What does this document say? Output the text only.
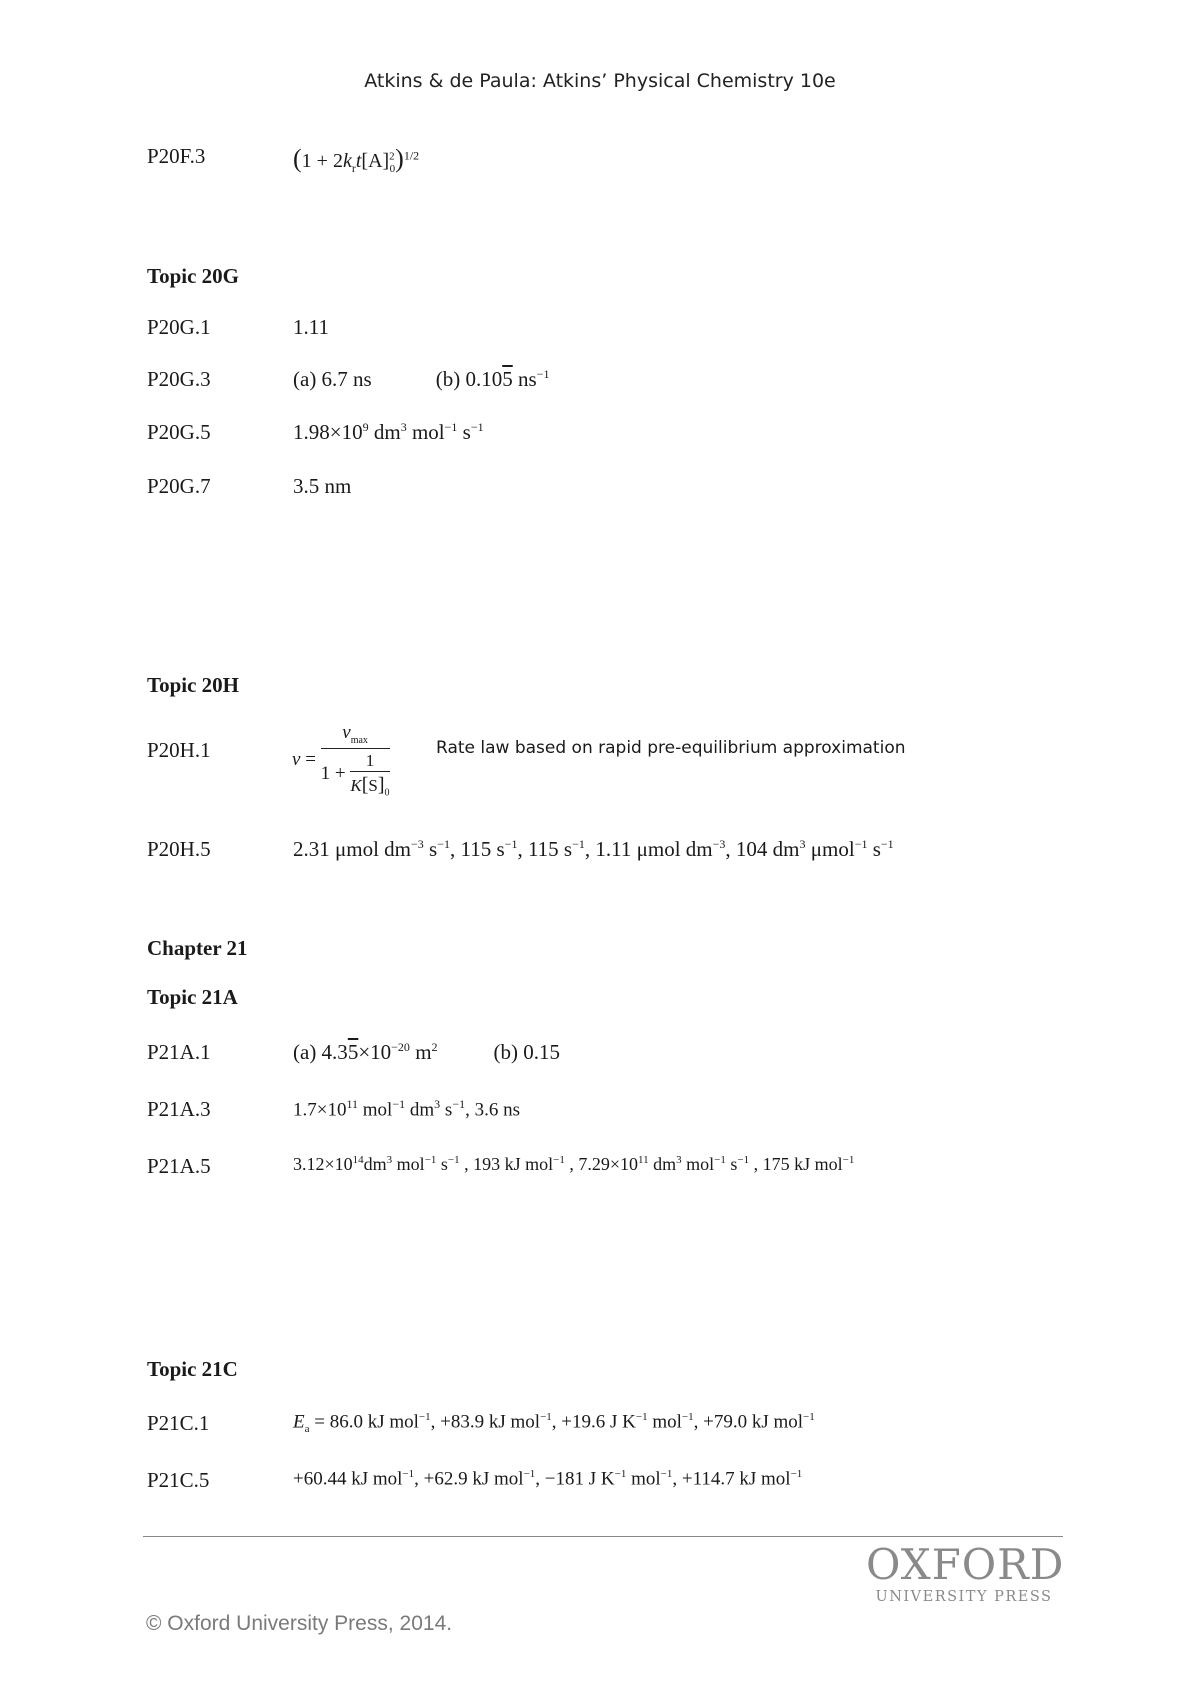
Atkins & de Paula: Atkins’ Physical Chemistry 10e
P20F.3	$(1 + 2k_rt[A]^2_0)^{1/2}$
Topic 20G
P20G.1	1.11
P20G.3	(a) 6.7 ns	(b) 0.105 $ns^{-1}$
P20G.5	$1.98\times 10^9$ $dm^3$ mol$^{-1}$ $s^{-1}$
P20G.7	3.5 nm
Topic 20H
P20H.1	$v = \frac{v_{max}}{1 + \frac{1}{K[S]_0}}$	Rate law based on rapid pre-equilibrium approximation
P20H.5	2.31 μmol $dm^{-3}$ $s^{-1}$, 115 $s^{-1}$, 115 $s^{-1}$, 1.11 μmol $dm^{-3}$, 104 $dm^3$ μmol$^{-1}$ $s^{-1}$
Chapter 21
Topic 21A
P21A.1	(a) $4.35\times 10^{-20}$ $m^2$	(b) 0.15
P21A.3	$1.7\times 10^{11}$ mol$^{-1}$ $dm^3$ $s^{-1}$, 3.6 ns
P21A.5	$3.12\times 10^{14}dm^3$ mol$^{-1}$ $s^{-1}$ , 193 kJ mol$^{-1}$ , $7.29\times 10^{11}$ $dm^3$ mol$^{-1}$ $s^{-1}$ , 175 kJ mol$^{-1}$
Topic 21C
P21C.1	$E_a = 86.0$ kJ mol$^{-1}$, +83.9 kJ mol$^{-1}$, +19.6 J $K^{-1}$ mol$^{-1}$, +79.0 kJ mol$^{-1}$
P21C.5	+60.44 kJ mol$^{-1}$, +62.9 kJ mol$^{-1}$, −181 J $K^{-1}$ mol$^{-1}$, +114.7 kJ mol$^{-1}$
OXFORD
UNIVERSITY PRESS
© Oxford University Press, 2014.
